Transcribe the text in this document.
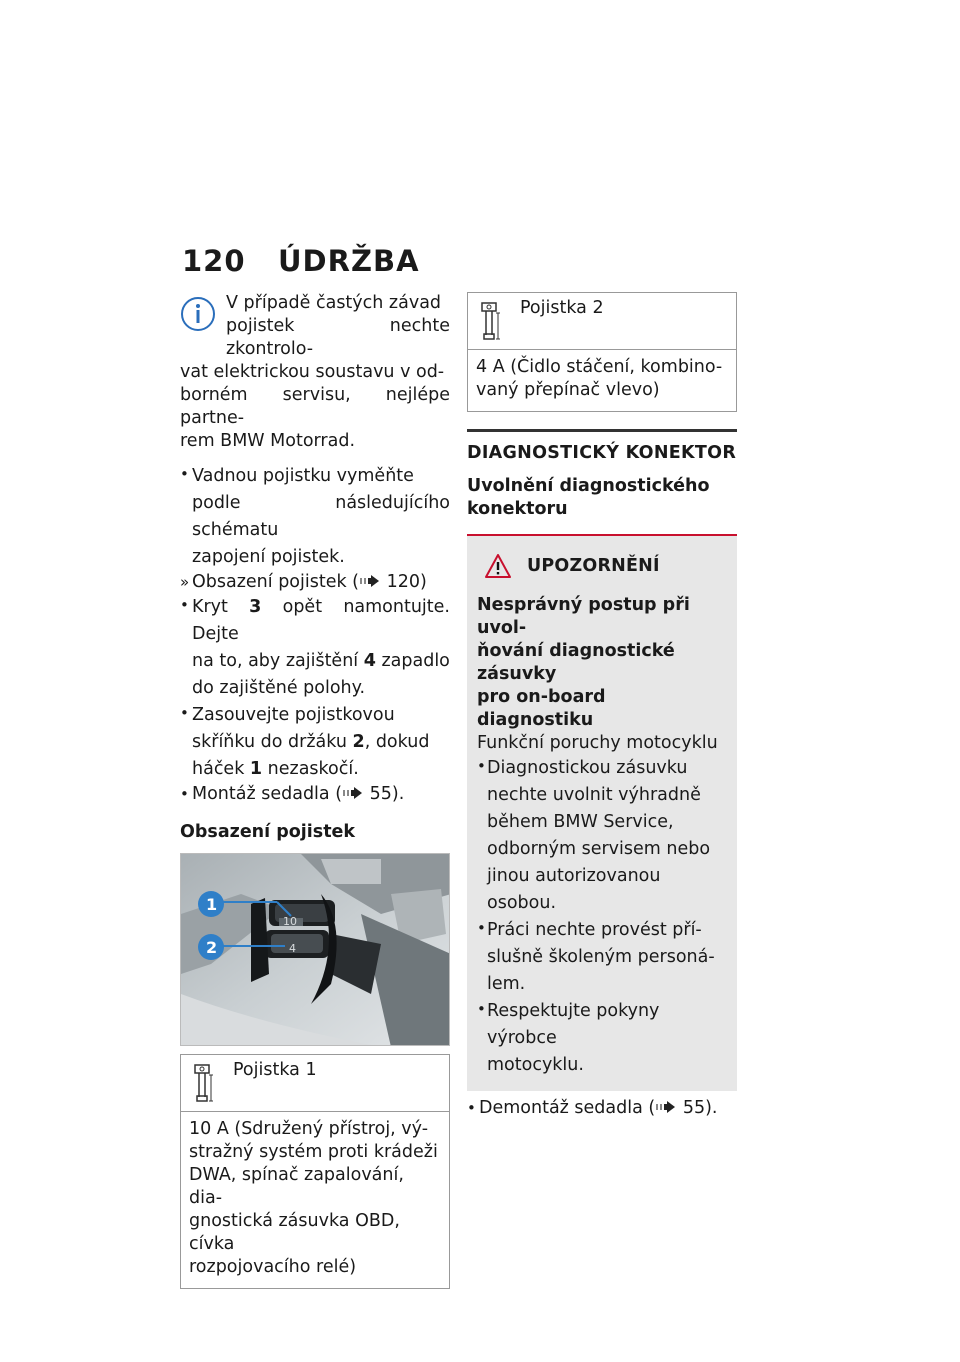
120	ÚDRŽBA

V případě častých závad

pojistek nechte zkontrolo-

vat elektrickou soustavu v od-

borném servisu, nejlépe partne-

rem BMW Motorrad.

• Vadnou pojistku vyměňte
podle následujícího schématu
zapojení pojistek.
» Obsazení pojistek ( 120)
• Kryt 3 opět namontujte. Dejte
na to, aby zajištění 4 zapadlo
do zajištěné polohy.
• Zasouvejte pojistkovou
skříňku do držáku 2, dokud
háček 1 nezaskočí.
• Montáž sedadla ( 55).
Obsazení pojistek
10
4
1
2
Pojistka 1
10 A (Sdružený přístroj, vý-
stražný systém proti krádeži
DWA, spínač zapalování, dia-
gnostická zásuvka OBD, cívka
rozpojovacího relé)
Pojistka 2
4 A (Čidlo stáčení, kombino-
vaný přepínač vlevo)
DIAGNOSTICKÝ KONEKTOR
Uvolnění diagnostického
konektoru
UPOZORNĚNÍ
Nesprávný postup při uvol-
ňování diagnostické zásuvky
pro on-board diagnostiku
Funkční poruchy motocyklu
• Diagnostickou zásuvku
nechte uvolnit výhradně
během BMW Service,
odborným servisem nebo
jinou autorizovanou osobou.
• Práci nechte provést pří-
slušně školeným personá-
lem.
• Respektujte pokyny výrobce
motocyklu.
• Demontáž sedadla ( 55).
